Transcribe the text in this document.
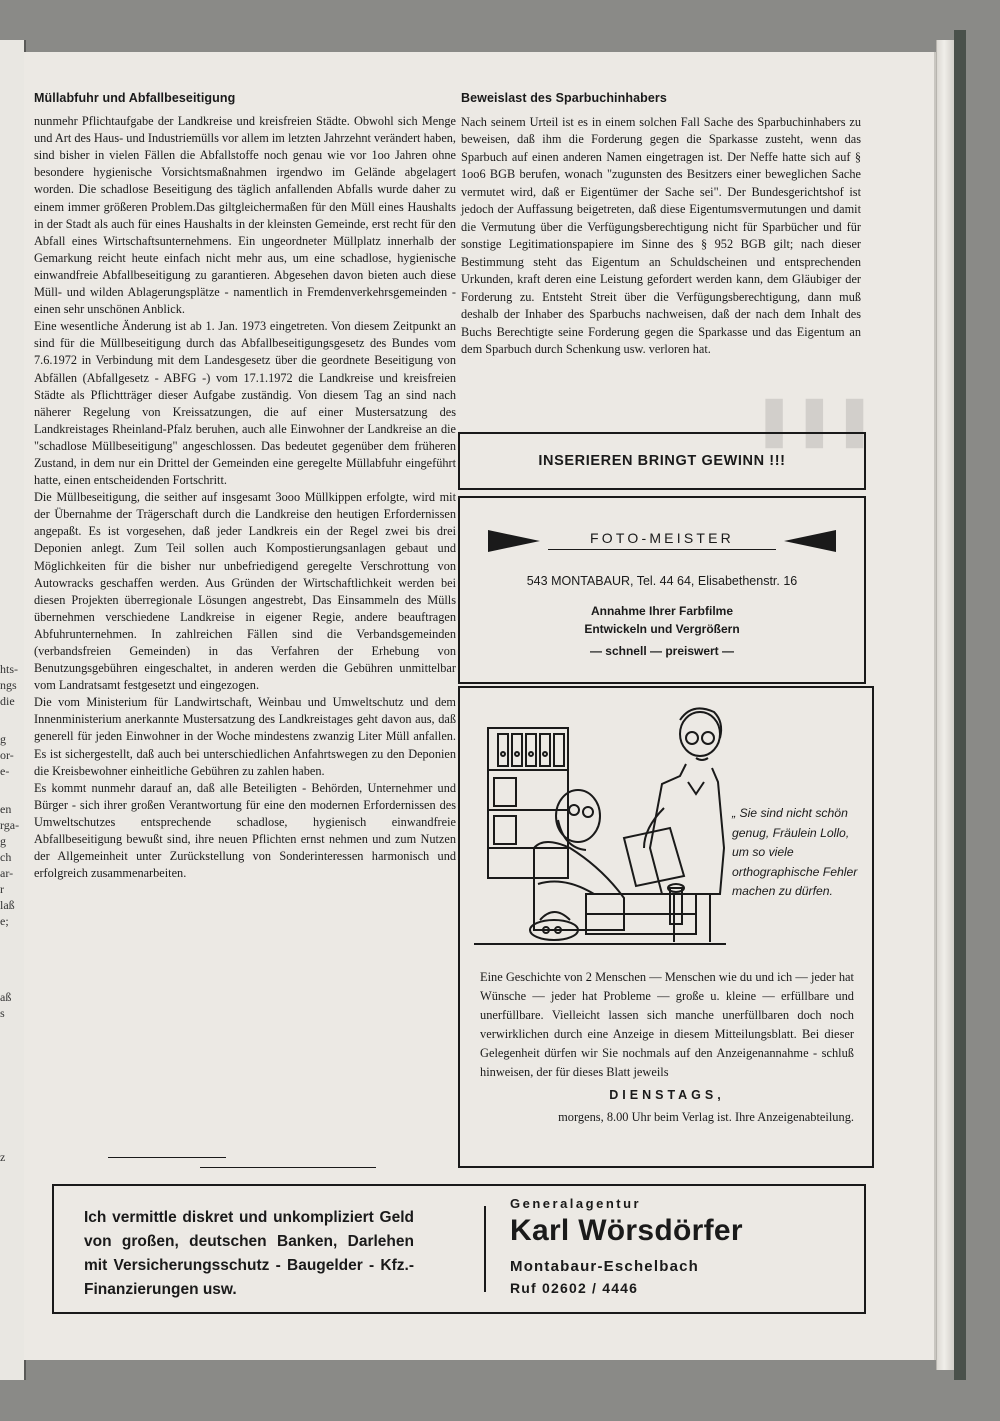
hts-
ngs
die
g
or-
e-
en
rga-
g
ch
ar-
r
laß
e;
aß
s
z
❚❚❚
Müllabfuhr und Abfallbeseitigung

nunmehr Pflichtaufgabe der Landkreise und kreisfreien Städte. Obwohl sich Menge und Art des Haus- und Industriemülls vor allem im letzten Jahrzehnt verändert haben, sind bisher in vielen Fällen die Abfallstoffe noch genau wie vor 1oo Jahren ohne besondere hygienische Vorsichtsmaßnahmen irgendwo im Gelände abgelagert worden. Die schadlose Beseitigung des täglich anfallenden Abfalls wurde daher zu einem immer größeren Problem.Das giltgleichermaßen für den Müll eines Haushalts in der Stadt als auch für eines Haushalts in der kleinsten Gemeinde, erst recht für den Abfall eines Wirtschaftsunternehmens. Ein ungeordneter Müllplatz innerhalb der Gemarkung reicht heute einfach nicht mehr aus, um eine schadlose, hygienische einwandfreie Abfallbeseitigung zu garantieren. Abgesehen davon bieten auch diese Müll- und wilden Ablagerungsplätze - namentlich in Fremdenverkehrsgemeinden - einen sehr unschönen Anblick.

Eine wesentliche Änderung ist ab 1. Jan. 1973 eingetreten. Von diesem Zeitpunkt an sind für die Müllbeseitigung durch das Abfallbeseitigungsgesetz des Bundes vom 7.6.1972 in Verbindung mit dem Landesgesetz über die geordnete Beseitigung von Abfällen (Abfallgesetz - ABFG -) vom 17.1.1972 die Landkreise und kreisfreien Städte als Pflichtträger dieser Aufgabe zuständig. Von diesem Tag an sind nach näherer Regelung von Kreissatzungen, die auf einer Mustersatzung des Landkreistages Rheinland-Pfalz beruhen, auch alle Einwohner der Landkreise an die "schadlose Müllbeseitigung" angeschlossen. Das bedeutet gegenüber dem früheren Zustand, in dem nur ein Drittel der Gemeinden eine geregelte Müllabfuhr eingeführt hatte, einen entscheidenden Fortschritt.

Die Müllbeseitigung, die seither auf insgesamt 3ooo Müllkippen erfolgte, wird mit der Übernahme der Trägerschaft durch die Landkreise den heutigen Erfordernissen angepaßt. Es ist vorgesehen, daß jeder Landkreis ein der Regel zwei bis drei Deponien anlegt. Zum Teil sollen auch Kompostierungsanlagen gebaut und Möglichkeiten für die bisher nur unbefriedigend geregelte Verschrottung von Autowracks geschaffen werden. Aus Gründen der Wirtschaftlichkeit werden bei diesen Projekten überregionale Lösungen angestrebt, Das Einsammeln des Mülls übernehmen verschiedene Landkreise in eigener Regie, andere beauftragen Abfuhrunternehmen. In zahlreichen Fällen sind die Verbandsgemeinden (verbandsfreien Gemeinden) in das Verfahren der Erhebung von Benutzungsgebühren eingeschaltet, in anderen werden die Gebühren unmittelbar vom Landratsamt festgesetzt und eingezogen.

Die vom Ministerium für Landwirtschaft, Weinbau und Umweltschutz und dem Innenministerium anerkannte Mustersatzung des Landkreistages geht davon aus, daß generell für jeden Einwohner in der Woche mindestens zwanzig Liter Müll anfallen. Es ist sichergestellt, daß auch bei unterschiedlichen Anfahrtswegen zu den Deponien die Kreisbewohner einheitliche Gebühren zu zahlen haben.

Es kommt nunmehr darauf an, daß alle Beteiligten - Behörden, Unternehmer und Bürger - sich ihrer großen Verantwortung für eine den modernen Erfordernissen des Umweltschutzes entsprechende schadlose, hygienisch einwandfreie Abfallbeseitigung bewußt sind, ihre neuen Pflichten ernst nehmen und zum Nutzen der Allgemeinheit unter Zurückstellung von Sonderinteressen harmonisch und erfolgreich zusammenarbeiten.

Beweislast des Sparbuchinhabers

Nach seinem Urteil ist es in einem solchen Fall Sache des Sparbuchinhabers zu beweisen, daß ihm die Forderung gegen die Sparkasse zusteht, wenn das Sparbuch auf einen anderen Namen eingetragen ist. Der Neffe hatte sich auf § 1oo6 BGB berufen, wonach "zugunsten des Besitzers einer beweglichen Sache vermutet wird, daß er Eigentümer der Sache sei". Der Bundesgerichtshof ist jedoch der Auffassung beigetreten, daß diese Eigentumsvermutungen und damit die Vermutung über die Verfügungsberechtigung nicht für Sparbücher und für sonstige Legitimationspapiere im Sinne des § 952 BGB gilt; nach dieser Bestimmung steht das Eigentum an Schuldscheinen und entsprechenden Urkunden, kraft deren eine Leistung gefordert werden kann, dem Gläubiger der Forderung zu. Entsteht Streit über die Verfügungsberechtigung, dann muß deshalb der Inhaber des Sparbuchs nachweisen, daß der nach dem Inhalt des Buchs Berechtigte seine Forderung gegen die Sparkasse und das Eigentum an dem Sparbuch durch Schenkung usw. verloren hat.

INSERIEREN BRINGT GEWINN !!!
FOTO-MEISTER
543 MONTABAUR, Tel. 44 64, Elisabethenstr. 16
Annahme Ihrer Farbfilme
Entwickeln und Vergrößern
— schnell — preiswert —
„ Sie sind nicht schön genug, Fräulein Lollo, um so viele orthographische Fehler machen zu dürfen.
Eine Geschichte von 2 Menschen — Menschen wie du und ich — jeder hat Wünsche — jeder hat Probleme — große u. kleine — erfüllbare und unerfüllbare. Vielleicht lassen sich manche unerfüllbaren doch noch verwirklichen durch eine Anzeige in diesem Mitteilungsblatt. Bei dieser Gelegenheit dürfen wir Sie nochmals auf den Anzeigenannahme - schluß hinweisen, der für dieses Blatt jeweils
DIENSTAGS,
morgens, 8.00 Uhr beim Verlag ist. Ihre Anzeigenabteilung.
Ich vermittle diskret und unkompliziert Geld von großen, deutschen Banken, Darlehen mit Versicherungsschutz - Baugelder - Kfz.-Finanzierungen usw.
Generalagentur
Karl Wörsdörfer
Montabaur-Eschelbach
Ruf 02602 / 4446
